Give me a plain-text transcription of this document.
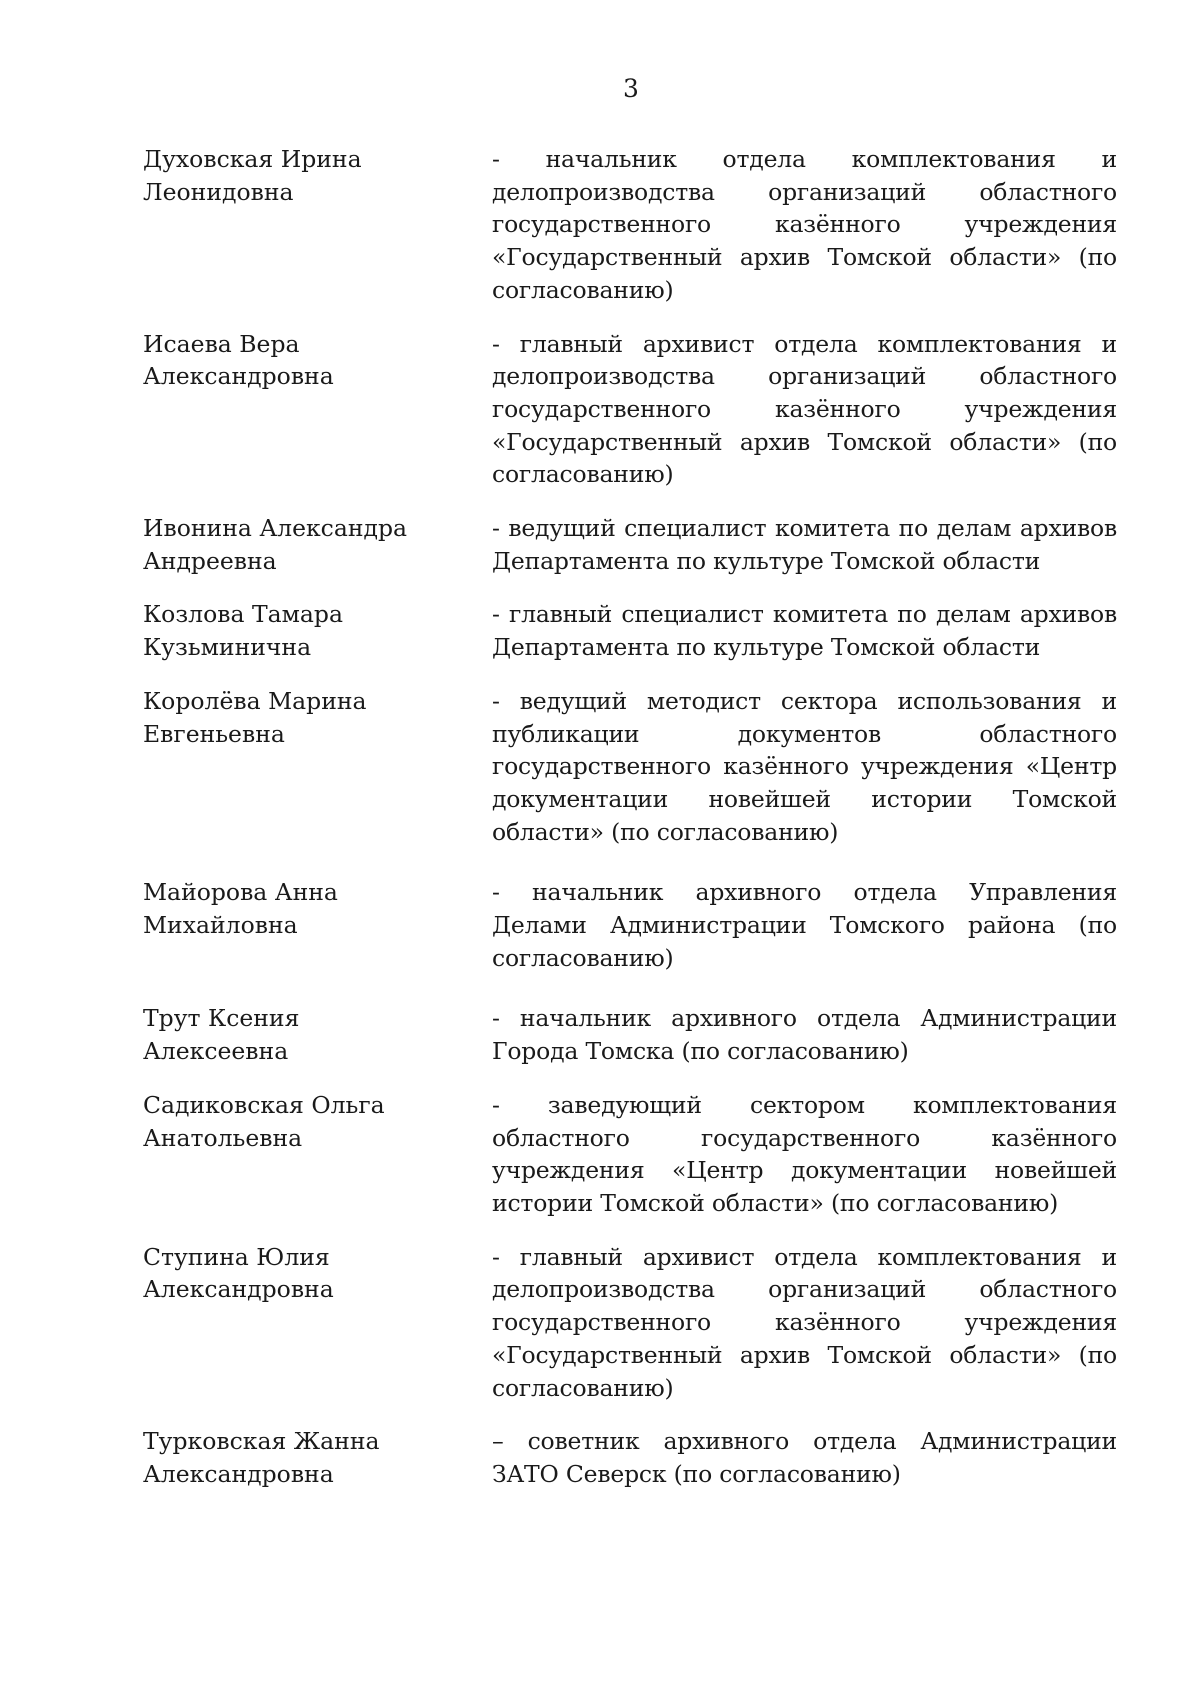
3
Духовская Ирина
Леонидовна
- начальник отдела комплектования и делопроизводства организаций областного государственного казённого учреждения «Государственный архив Томской области» (по согласованию)
Исаева Вера
Александровна
- главный архивист отдела комплектования и делопроизводства организаций областного государственного казённого учреждения «Государственный архив Томской области» (по согласованию)
Ивонина Александра
Андреевна
- ведущий специалист комитета по делам архивов Департамента по культуре Томской области
Козлова Тамара
Кузьминична
- главный специалист комитета по делам архивов Департамента по культуре Томской области
Королёва Марина
Евгеньевна
- ведущий методист сектора использования и публикации документов областного государственного казённого учреждения «Центр документации новейшей истории Томской области» (по согласованию)
Майорова Анна
Михайловна
- начальник архивного отдела Управления Делами Администрации Томского района (по согласованию)
Трут Ксения
Алексеевна
- начальник архивного отдела Администрации Города Томска (по согласованию)
Садиковская Ольга
Анатольевна
- заведующий сектором комплектования областного государственного казённого учреждения «Центр документации новейшей истории Томской области» (по согласованию)
Ступина Юлия
Александровна
- главный архивист отдела комплектования и делопроизводства организаций областного государственного казённого учреждения «Государственный архив Томской области» (по согласованию)
Турковская Жанна
Александровна
– советник архивного отдела Администрации ЗАТО Северск (по согласованию)
